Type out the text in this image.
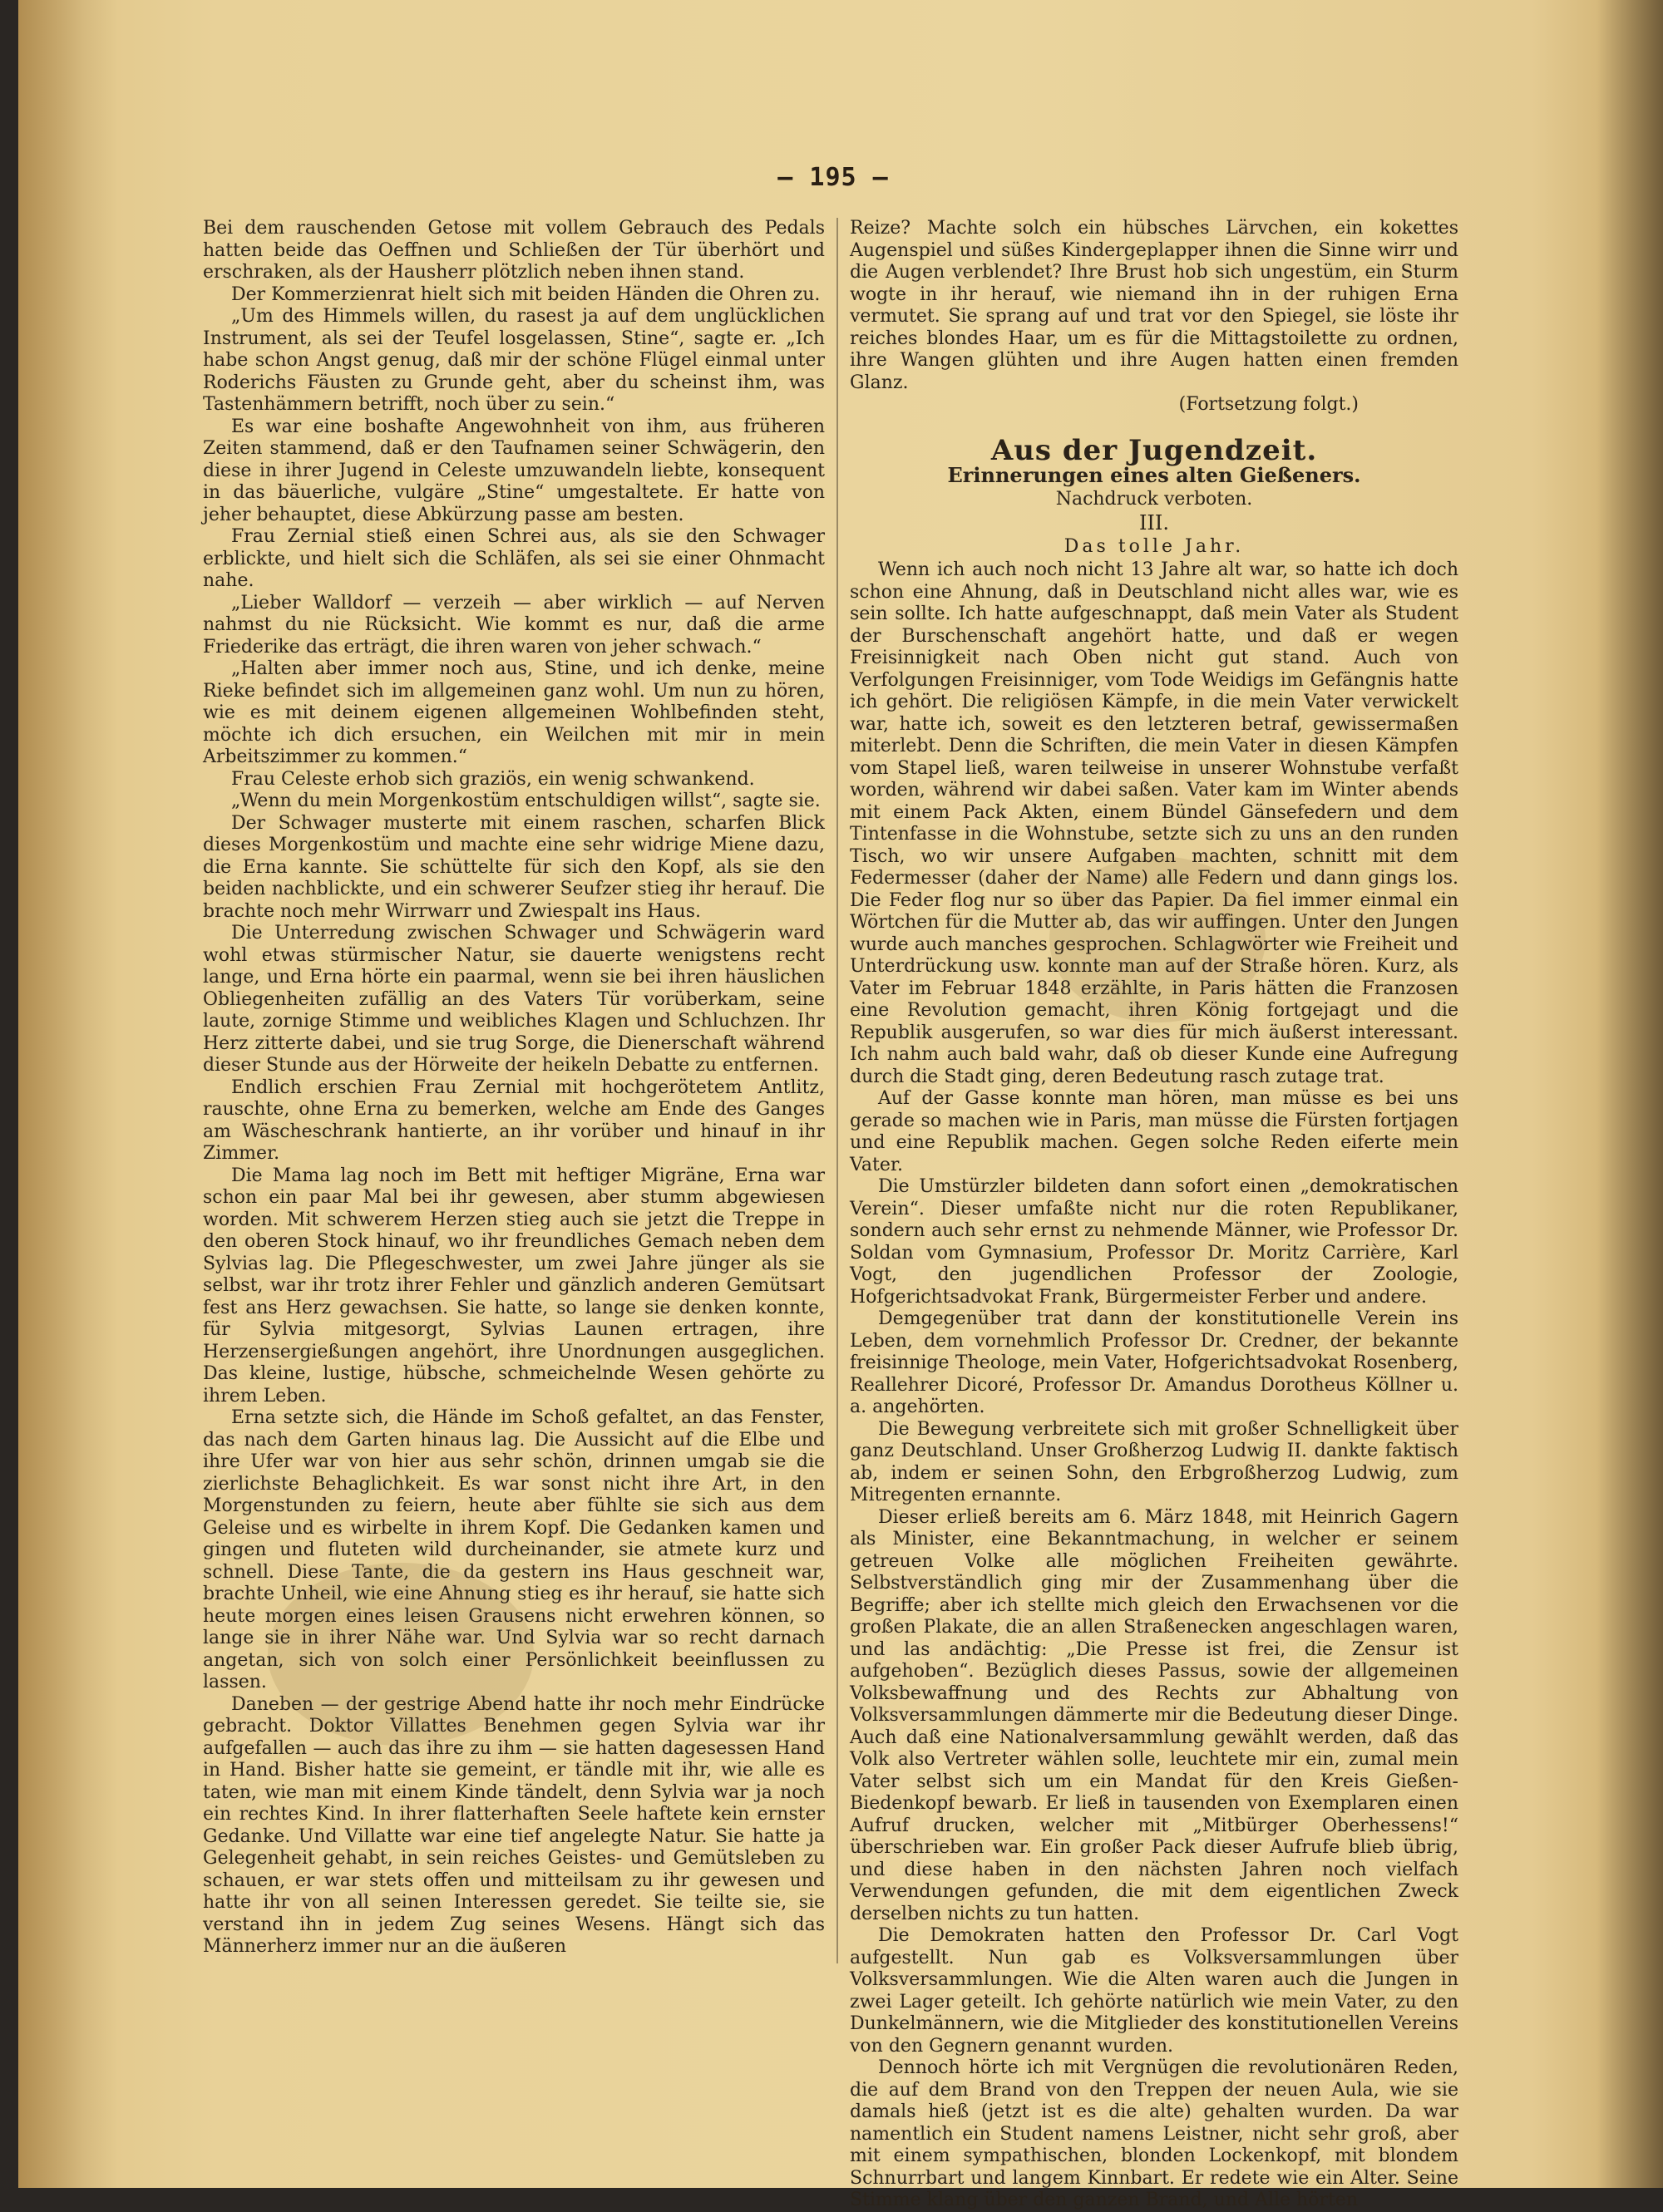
— 195 —

Bei dem rauschenden Getose mit vollem Gebrauch des Pedals hatten beide das Oeffnen und Schließen der Tür überhört und erschraken, als der Hausherr plötzlich neben ihnen stand.

Der Kommerzienrat hielt sich mit beiden Händen die Ohren zu.

„Um des Himmels willen, du rasest ja auf dem unglücklichen Instrument, als sei der Teufel losgelassen, Stine“, sagte er. „Ich habe schon Angst genug, daß mir der schöne Flügel einmal unter Roderichs Fäusten zu Grunde geht, aber du scheinst ihm, was Tastenhämmern betrifft, noch über zu sein.“

Es war eine boshafte Angewohnheit von ihm, aus früheren Zeiten stammend, daß er den Taufnamen seiner Schwägerin, den diese in ihrer Jugend in Celeste umzuwandeln liebte, konsequent in das bäuerliche, vulgäre „Stine“ umgestaltete. Er hatte von jeher behauptet, diese Abkürzung passe am besten.

Frau Zernial stieß einen Schrei aus, als sie den Schwager erblickte, und hielt sich die Schläfen, als sei sie einer Ohnmacht nahe.

„Lieber Walldorf — verzeih — aber wirklich — auf Nerven nahmst du nie Rücksicht. Wie kommt es nur, daß die arme Friederike das erträgt, die ihren waren von jeher schwach.“

„Halten aber immer noch aus, Stine, und ich denke, meine Rieke befindet sich im allgemeinen ganz wohl. Um nun zu hören, wie es mit deinem eigenen allgemeinen Wohlbefinden steht, möchte ich dich ersuchen, ein Weilchen mit mir in mein Arbeitszimmer zu kommen.“

Frau Celeste erhob sich graziös, ein wenig schwankend.

„Wenn du mein Morgenkostüm entschuldigen willst“, sagte sie.

Der Schwager musterte mit einem raschen, scharfen Blick dieses Morgenkostüm und machte eine sehr widrige Miene dazu, die Erna kannte. Sie schüttelte für sich den Kopf, als sie den beiden nachblickte, und ein schwerer Seufzer stieg ihr herauf. Die brachte noch mehr Wirrwarr und Zwiespalt ins Haus.

Die Unterredung zwischen Schwager und Schwägerin ward wohl etwas stürmischer Natur, sie dauerte wenigstens recht lange, und Erna hörte ein paarmal, wenn sie bei ihren häuslichen Obliegenheiten zufällig an des Vaters Tür vorüberkam, seine laute, zornige Stimme und weibliches Klagen und Schluchzen. Ihr Herz zitterte dabei, und sie trug Sorge, die Dienerschaft während dieser Stunde aus der Hörweite der heikeln Debatte zu entfernen.

Endlich erschien Frau Zernial mit hochgerötetem Antlitz, rauschte, ohne Erna zu bemerken, welche am Ende des Ganges am Wäscheschrank hantierte, an ihr vorüber und hinauf in ihr Zimmer.

Die Mama lag noch im Bett mit heftiger Migräne, Erna war schon ein paar Mal bei ihr gewesen, aber stumm abgewiesen worden. Mit schwerem Herzen stieg auch sie jetzt die Treppe in den oberen Stock hinauf, wo ihr freundliches Gemach neben dem Sylvias lag. Die Pflegeschwester, um zwei Jahre jünger als sie selbst, war ihr trotz ihrer Fehler und gänzlich anderen Gemütsart fest ans Herz gewachsen. Sie hatte, so lange sie denken konnte, für Sylvia mitgesorgt, Sylvias Launen ertragen, ihre Herzensergießungen angehört, ihre Unordnungen ausgeglichen. Das kleine, lustige, hübsche, schmeichelnde Wesen gehörte zu ihrem Leben.

Erna setzte sich, die Hände im Schoß gefaltet, an das Fenster, das nach dem Garten hinaus lag. Die Aussicht auf die Elbe und ihre Ufer war von hier aus sehr schön, drinnen umgab sie die zierlichste Behaglichkeit. Es war sonst nicht ihre Art, in den Morgenstunden zu feiern, heute aber fühlte sie sich aus dem Geleise und es wirbelte in ihrem Kopf. Die Gedanken kamen und gingen und fluteten wild durcheinander, sie atmete kurz und schnell. Diese Tante, die da gestern ins Haus geschneit war, brachte Unheil, wie eine Ahnung stieg es ihr herauf, sie hatte sich heute morgen eines leisen Grausens nicht erwehren können, so lange sie in ihrer Nähe war. Und Sylvia war so recht darnach angetan, sich von solch einer Persönlichkeit beeinflussen zu lassen.

Daneben — der gestrige Abend hatte ihr noch mehr Eindrücke gebracht. Doktor Villattes Benehmen gegen Sylvia war ihr aufgefallen — auch das ihre zu ihm — sie hatten dagesessen Hand in Hand. Bisher hatte sie gemeint, er tändle mit ihr, wie alle es taten, wie man mit einem Kinde tändelt, denn Sylvia war ja noch ein rechtes Kind. In ihrer flatterhaften Seele haftete kein ernster Gedanke. Und Villatte war eine tief angelegte Natur. Sie hatte ja Gelegenheit gehabt, in sein reiches Geistes- und Gemütsleben zu schauen, er war stets offen und mitteilsam zu ihr gewesen und hatte ihr von all seinen Interessen geredet. Sie teilte sie, sie verstand ihn in jedem Zug seines Wesens. Hängt sich das Männerherz immer nur an die äußeren

Reize? Machte solch ein hübsches Lärvchen, ein kokettes Augenspiel und süßes Kindergeplapper ihnen die Sinne wirr und die Augen verblendet? Ihre Brust hob sich ungestüm, ein Sturm wogte in ihr herauf, wie niemand ihn in der ruhigen Erna vermutet. Sie sprang auf und trat vor den Spiegel, sie löste ihr reiches blondes Haar, um es für die Mittagstoilette zu ordnen, ihre Wangen glühten und ihre Augen hatten einen fremden Glanz.

(Fortsetzung folgt.)

Aus der Jugendzeit.
Erinnerungen eines alten Gießeners.
Nachdruck verboten.
III.
Das tolle Jahr.

Wenn ich auch noch nicht 13 Jahre alt war, so hatte ich doch schon eine Ahnung, daß in Deutschland nicht alles war, wie es sein sollte. Ich hatte aufgeschnappt, daß mein Vater als Student der Burschenschaft angehört hatte, und daß er wegen Freisinnigkeit nach Oben nicht gut stand. Auch von Verfolgungen Freisinniger, vom Tode Weidigs im Gefängnis hatte ich gehört. Die religiösen Kämpfe, in die mein Vater verwickelt war, hatte ich, soweit es den letzteren betraf, gewissermaßen miterlebt. Denn die Schriften, die mein Vater in diesen Kämpfen vom Stapel ließ, waren teilweise in unserer Wohnstube verfaßt worden, während wir dabei saßen. Vater kam im Winter abends mit einem Pack Akten, einem Bündel Gänsefedern und dem Tintenfasse in die Wohnstube, setzte sich zu uns an den runden Tisch, wo wir unsere Aufgaben machten, schnitt mit dem Federmesser (daher der Name) alle Federn und dann gings los. Die Feder flog nur so über das Papier. Da fiel immer einmal ein Wörtchen für die Mutter ab, das wir auffingen. Unter den Jungen wurde auch manches gesprochen. Schlagwörter wie Freiheit und Unterdrückung usw. konnte man auf der Straße hören. Kurz, als Vater im Februar 1848 erzählte, in Paris hätten die Franzosen eine Revolution gemacht, ihren König fortgejagt und die Republik ausgerufen, so war dies für mich äußerst interessant. Ich nahm auch bald wahr, daß ob dieser Kunde eine Aufregung durch die Stadt ging, deren Bedeutung rasch zutage trat.

Auf der Gasse konnte man hören, man müsse es bei uns gerade so machen wie in Paris, man müsse die Fürsten fortjagen und eine Republik machen. Gegen solche Reden eiferte mein Vater.

Die Umstürzler bildeten dann sofort einen „demokratischen Verein“. Dieser umfaßte nicht nur die roten Republikaner, sondern auch sehr ernst zu nehmende Männer, wie Professor Dr. Soldan vom Gymnasium, Professor Dr. Moritz Carrière, Karl Vogt, den jugendlichen Professor der Zoologie, Hofgerichtsadvokat Frank, Bürgermeister Ferber und andere.

Demgegenüber trat dann der konstitutionelle Verein ins Leben, dem vornehmlich Professor Dr. Credner, der bekannte freisinnige Theologe, mein Vater, Hofgerichtsadvokat Rosenberg, Reallehrer Dicoré, Professor Dr. Amandus Dorotheus Köllner u. a. angehörten.

Die Bewegung verbreitete sich mit großer Schnelligkeit über ganz Deutschland. Unser Großherzog Ludwig II. dankte faktisch ab, indem er seinen Sohn, den Erbgroßherzog Ludwig, zum Mitregenten ernannte.

Dieser erließ bereits am 6. März 1848, mit Heinrich Gagern als Minister, eine Bekanntmachung, in welcher er seinem getreuen Volke alle möglichen Freiheiten gewährte. Selbstverständlich ging mir der Zusammenhang über die Begriffe; aber ich stellte mich gleich den Erwachsenen vor die großen Plakate, die an allen Straßenecken angeschlagen waren, und las andächtig: „Die Presse ist frei, die Zensur ist aufgehoben“. Bezüglich dieses Passus, sowie der allgemeinen Volksbewaffnung und des Rechts zur Abhaltung von Volksversammlungen dämmerte mir die Bedeutung dieser Dinge. Auch daß eine Nationalversammlung gewählt werden, daß das Volk also Vertreter wählen solle, leuchtete mir ein, zumal mein Vater selbst sich um ein Mandat für den Kreis Gießen-Biedenkopf bewarb. Er ließ in tausenden von Exemplaren einen Aufruf drucken, welcher mit „Mitbürger Oberhessens!“ überschrieben war. Ein großer Pack dieser Aufrufe blieb übrig, und diese haben in den nächsten Jahren noch vielfach Verwendungen gefunden, die mit dem eigentlichen Zweck derselben nichts zu tun hatten.

Die Demokraten hatten den Professor Dr. Carl Vogt aufgestellt. Nun gab es Volksversammlungen über Volksversammlungen. Wie die Alten waren auch die Jungen in zwei Lager geteilt. Ich gehörte natürlich wie mein Vater, zu den Dunkelmännern, wie die Mitglieder des konstitutionellen Vereins von den Gegnern genannt wurden.

Dennoch hörte ich mit Vergnügen die revolutionären Reden, die auf dem Brand von den Treppen der neuen Aula, wie sie damals hieß (jetzt ist es die alte) gehalten wurden. Da war namentlich ein Student namens Leistner, nicht sehr groß, aber mit einem sympathischen, blonden Lockenkopf, mit blondem Schnurrbart und langem Kinnbart. Er redete wie ein Alter. Seine Stimme klang über den ganzen Brand, und Alle hörten
